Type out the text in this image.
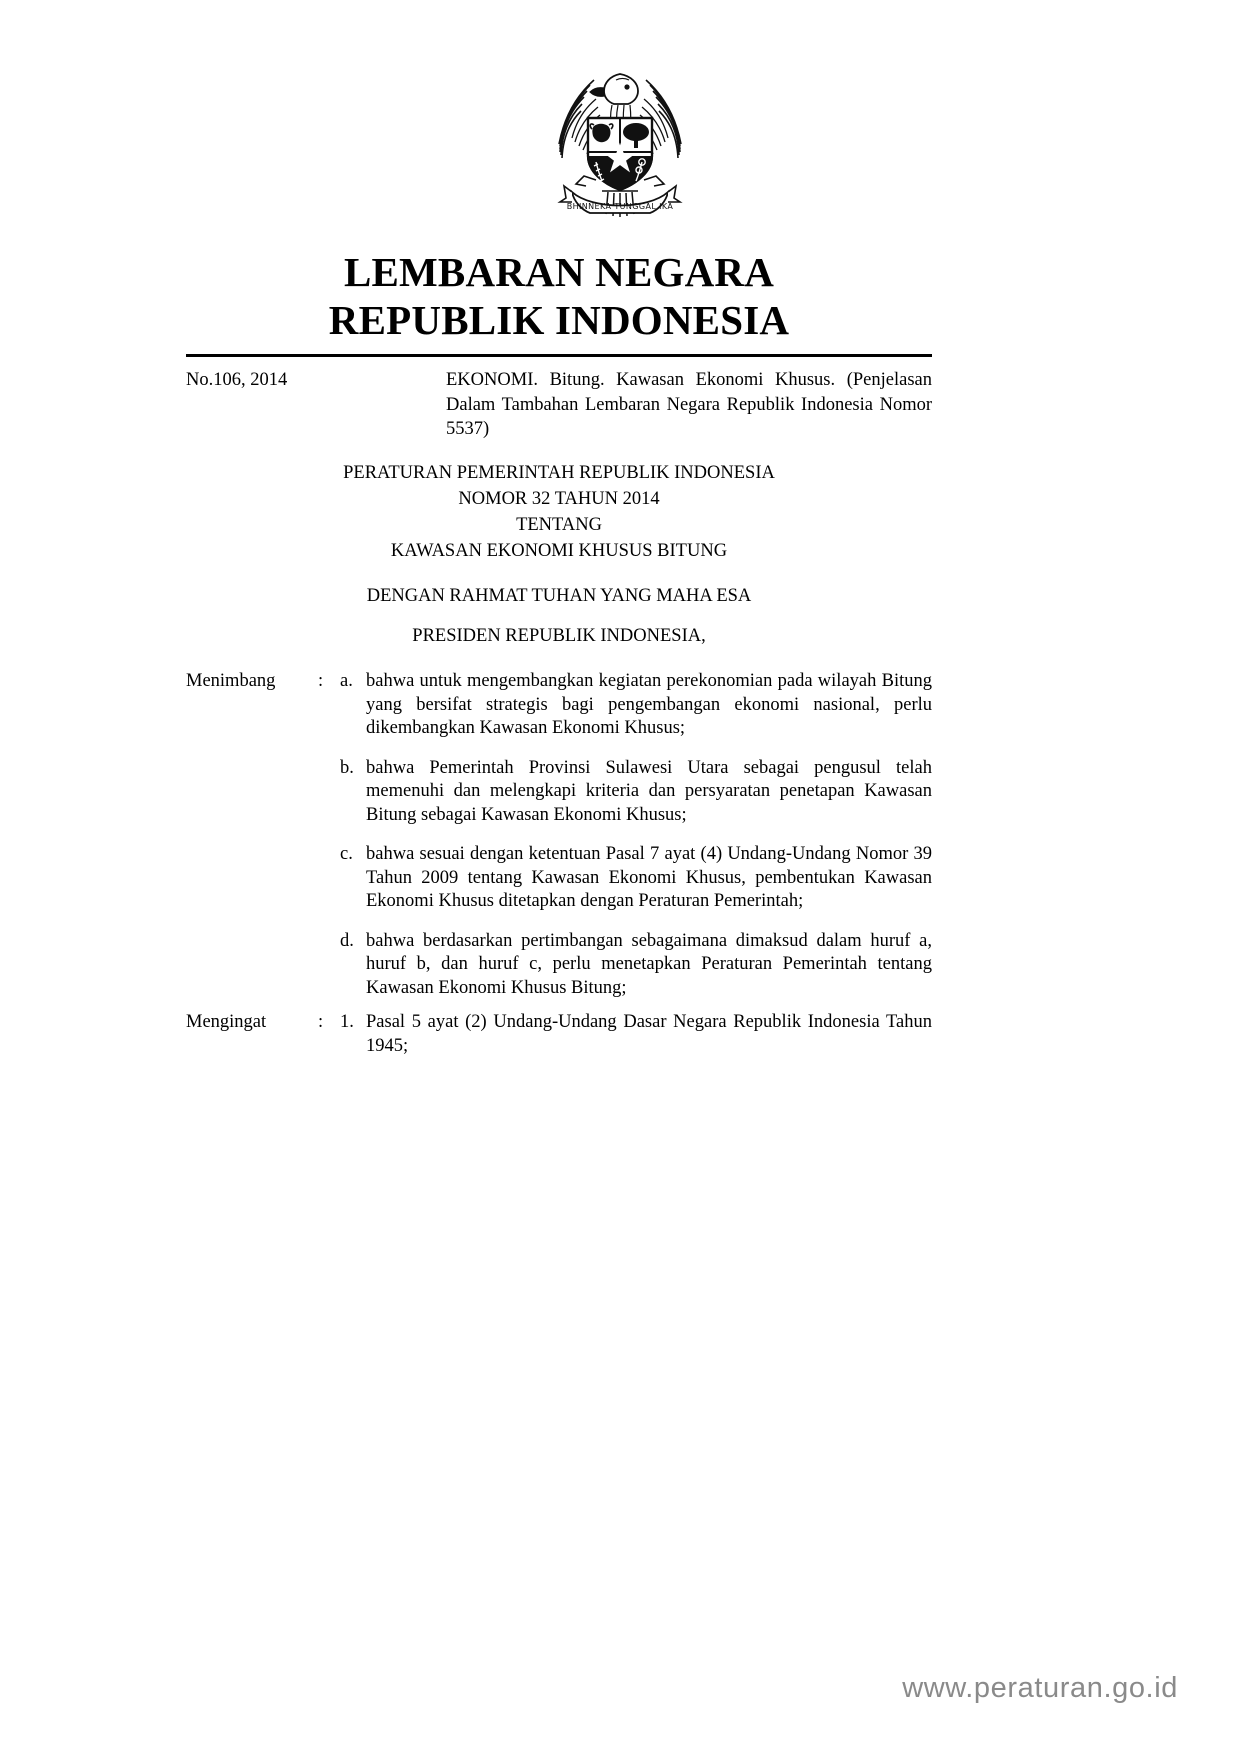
BHINNEKA TUNGGAL IKA
LEMBARAN NEGARA
REPUBLIK INDONESIA
No.106, 2014	EKONOMI. Bitung. Kawasan Ekonomi Khusus. (Penjelasan Dalam Tambahan Lembaran Negara Republik Indonesia Nomor 5537)

PERATURAN PEMERINTAH REPUBLIK INDONESIA
NOMOR 32 TAHUN 2014
TENTANG
KAWASAN EKONOMI KHUSUS BITUNG
DENGAN RAHMAT TUHAN YANG MAHA ESA
PRESIDEN REPUBLIK INDONESIA,
Menimbang	: a. bahwa untuk mengembangkan kegiatan perekonomian pada wilayah Bitung yang bersifat strategis bagi pengembangan ekonomi nasional, perlu dikembangkan Kawasan Ekonomi Khusus;
b. bahwa Pemerintah Provinsi Sulawesi Utara sebagai pengusul telah memenuhi dan melengkapi kriteria dan persyaratan penetapan Kawasan Bitung sebagai Kawasan Ekonomi Khusus;
c. bahwa sesuai dengan ketentuan Pasal 7 ayat (4) Undang-Undang Nomor 39 Tahun 2009 tentang Kawasan Ekonomi Khusus, pembentukan Kawasan Ekonomi Khusus ditetapkan dengan Peraturan Pemerintah;
d. bahwa berdasarkan pertimbangan sebagaimana dimaksud dalam huruf a, huruf b, dan huruf c, perlu menetapkan Peraturan Pemerintah tentang Kawasan Ekonomi Khusus Bitung;
Mengingat	: 1. Pasal 5 ayat (2) Undang-Undang Dasar Negara Republik Indonesia Tahun 1945;
www.peraturan.go.id
